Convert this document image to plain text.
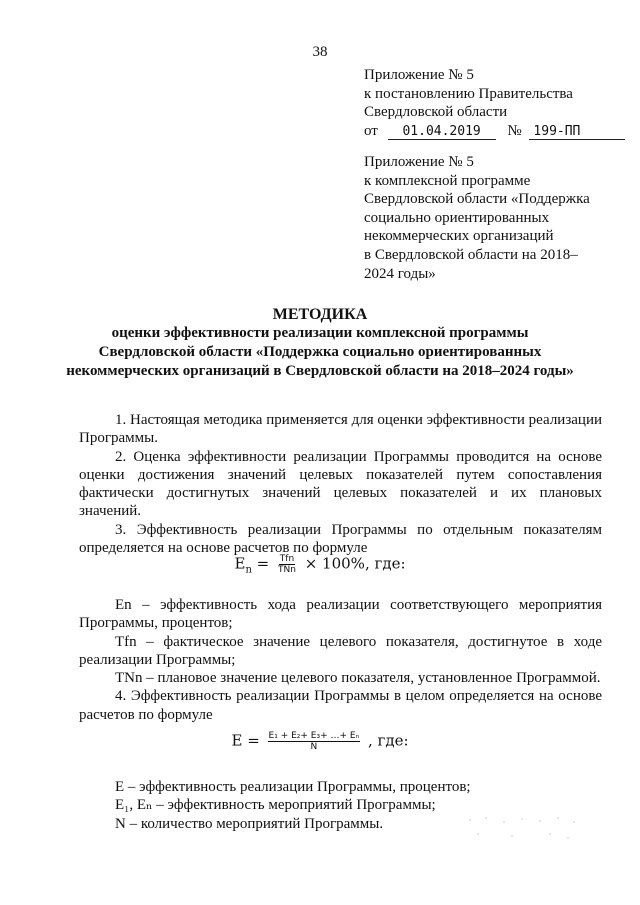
38
Приложение № 5
к постановлению Правительства
Свердловской области
от 01.04.2019 № 199-ПП
Приложение № 5
к комплексной программе
Свердловской области «Поддержка
социально ориентированных
некоммерческих организаций
в Свердловской области на 2018–
2024 годы»
МЕТОДИКА
оценки эффективности реализации комплексной программы
Свердловской области «Поддержка социально ориентированных
некоммерческих организаций в Свердловской области на 2018–2024 годы»

1. Настоящая методика применяется для оценки эффективности реализации Программы.

2. Оценка эффективности реализации Программы проводится на основе оценки достижения значений целевых показателей путем сопоставления фактически достигнутых значений целевых показателей и их плановых значений.

3. Эффективность реализации Программы по отдельным показателям определяется на основе расчетов по формуле

$E_n = \frac{\text{Tfn}}{\text{TNn}} \times 100\%$, где:

En – эффективность хода реализации соответствующего мероприятия Программы, процентов;

Tfn – фактическое значение целевого показателя, достигнутое в ходе реализации Программы;

TNn – плановое значение целевого показателя, установленное Программой.

4. Эффективность реализации Программы в целом определяется на основе расчетов по формуле

$E = \frac{\text{E₁ + E₂+ E₃+ …+ Eₙ}}{N}$ , где:

E – эффективность реализации Программы, процентов;

E₁, Eₙ – эффективность мероприятий Программы;

N – количество мероприятий Программы.
